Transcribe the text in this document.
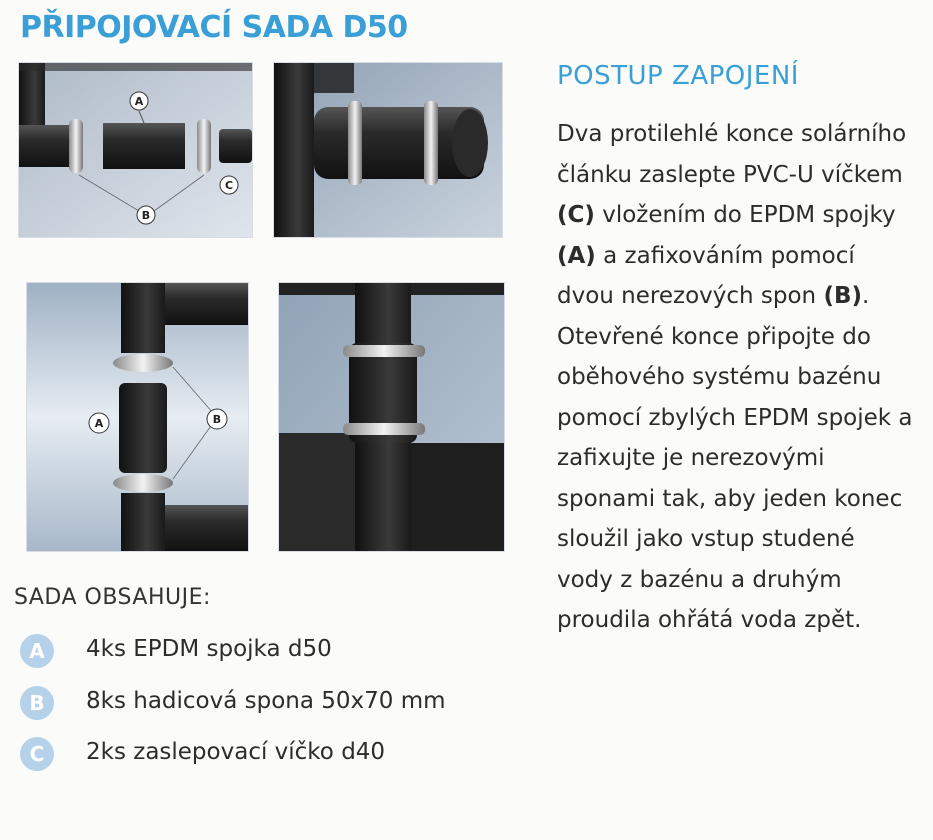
PŘIPOJOVACÍ SADA D50
A
C
B
A	B
SADA OBSAHUJE:
A	4ks EPDM spojka d50
B	8ks hadicová spona 50x70 mm
C	2ks zaslepovací víčko d40
POSTUP ZAPOJENÍ
Dva protilehlé konce solárního článku zaslepte PVC-U víčkem (C) vložením do EPDM spojky (A) a zafixováním pomocí dvou nerezových spon (B). Otevřené konce připojte do oběhového systému bazénu pomocí zbylých EPDM spojek a zafixujte je nerezovými sponami tak, aby jeden konec sloužil jako vstup studené vody z bazénu a druhým proudila ohřátá voda zpět.
